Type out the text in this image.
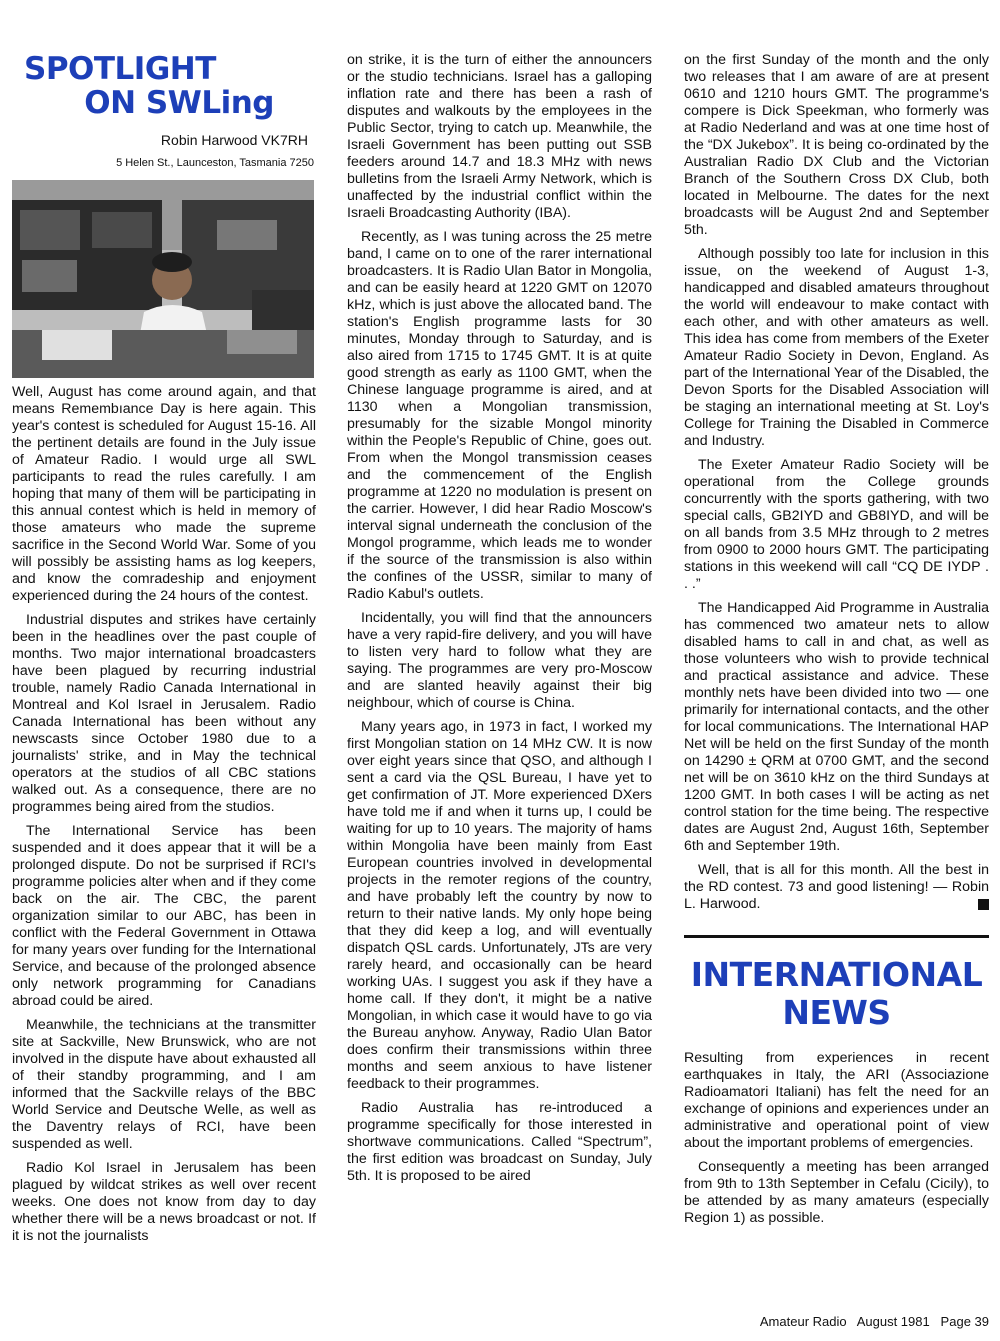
SPOTLIGHT
ON SWLing
Robin Harwood VK7RH
5 Helen St., Launceston, Tasmania 7250

Well, August has come around again, and that means Remembıance Day is here again. This year's contest is scheduled for August 15-16. All the pertinent details are found in the July issue of Amateur Radio. I would urge all SWL participants to read the rules carefully. I am hoping that many of them will be participating in this annual contest which is held in memory of those amateurs who made the supreme sacrifice in the Second World War. Some of you will possibly be assisting hams as log keepers, and know the comradeship and enjoyment experienced during the 24 hours of the contest.

Industrial disputes and strikes have certainly been in the headlines over the past couple of months. Two major international broadcasters have been plagued by recurring industrial trouble, namely Radio Canada International in Montreal and Kol Israel in Jerusalem. Radio Canada International has been without any newscasts since October 1980 due to a journalists' strike, and in May the technical operators at the studios of all CBC stations walked out. As a consequence, there are no programmes being aired from the studios.

The International Service has been suspended and it does appear that it will be a prolonged dispute. Do not be surprised if RCI's programme policies alter when and if they come back on the air. The CBC, the parent organization similar to our ABC, has been in conflict with the Federal Government in Ottawa for many years over funding for the International Service, and because of the prolonged absence only network programming for Canadians abroad could be aired.

Meanwhile, the technicians at the transmitter site at Sackville, New Brunswick, who are not involved in the dispute have about exhausted all of their standby programming, and I am informed that the Sackville relays of the BBC World Service and Deutsche Welle, as well as the Daventry relays of RCI, have been suspended as well.

Radio Kol Israel in Jerusalem has been plagued by wildcat strikes as well over recent weeks. One does not know from day to day whether there will be a news broadcast or not. If it is not the journalists

on strike, it is the turn of either the announcers or the studio technicians. Israel has a galloping inflation rate and there has been a rash of disputes and walkouts by the employees in the Public Sector, trying to catch up. Meanwhile, the Israeli Government has been putting out SSB feeders around 14.7 and 18.3 MHz with news bulletins from the Israeli Army Network, which is unaffected by the industrial conflict within the Israeli Broadcasting Authority (IBA).

Recently, as I was tuning across the 25 metre band, I came on to one of the rarer international broadcasters. It is Radio Ulan Bator in Mongolia, and can be easily heard at 1220 GMT on 12070 kHz, which is just above the allocated band. The station's English programme lasts for 30 minutes, Monday through to Saturday, and is also aired from 1715 to 1745 GMT. It is at quite good strength as early as 1100 GMT, when the Chinese language programme is aired, and at 1130 when a Mongolian transmission, presumably for the sizable Mongol minority within the People's Republic of Chine, goes out. From when the Mongol transmission ceases and the commencement of the English programme at 1220 no modulation is present on the carrier. However, I did hear Radio Moscow's interval signal underneath the conclusion of the Mongol programme, which leads me to wonder if the source of the transmission is also within the confines of the USSR, similar to many of Radio Kabul's outlets.

Incidentally, you will find that the announcers have a very rapid-fire delivery, and you will have to listen very hard to follow what they are saying. The programmes are very pro-Moscow and are slanted heavily against their big neighbour, which of course is China.

Many years ago, in 1973 in fact, I worked my first Mongolian station on 14 MHz CW. It is now over eight years since that QSO, and although I sent a card via the QSL Bureau, I have yet to get confirmation of JT. More experienced DXers have told me if and when it turns up, I could be waiting for up to 10 years. The majority of hams within Mongolia have been mainly from East European countries involved in developmental projects in the remoter regions of the country, and have probably left the country by now to return to their native lands. My only hope being that they did keep a log, and will eventually dispatch QSL cards. Unfortunately, JTs are very rarely heard, and occasionally can be heard working UAs. I suggest you ask if they have a home call. If they don't, it might be a native Mongolian, in which case it would have to go via the Bureau anyhow. Anyway, Radio Ulan Bator does confirm their transmissions within three months and seem anxious to have listener feedback to their programmes.

Radio Australia has re-introduced a programme specifically for those interested in shortwave communications. Called “Spectrum”, the first edition was broadcast on Sunday, July 5th. It is proposed to be aired

on the first Sunday of the month and the only two releases that I am aware of are at present 0610 and 1210 hours GMT. The programme's compere is Dick Speekman, who formerly was at Radio Nederland and was at one time host of the “DX Jukebox”. It is being co-ordinated by the Australian Radio DX Club and the Victorian Branch of the Southern Cross DX Club, both located in Melbourne. The dates for the next broadcasts will be August 2nd and September 5th.

Although possibly too late for inclusion in this issue, on the weekend of August 1-3, handicapped and disabled amateurs throughout the world will endeavour to make contact with each other, and with other amateurs as well. This idea has come from members of the Exeter Amateur Radio Society in Devon, England. As part of the International Year of the Disabled, the Devon Sports for the Disabled Association will be staging an international meeting at St. Loy's College for Training the Disabled in Commerce and Industry.

The Exeter Amateur Radio Society will be operational from the College grounds concurrently with the sports gathering, with two special calls, GB2IYD and GB8IYD, and will be on all bands from 3.5 MHz through to 2 metres from 0900 to 2000 hours GMT. The participating stations in this weekend will call “CQ DE IYDP . . .”

The Handicapped Aid Programme in Australia has commenced two amateur nets to allow disabled hams to call in and chat, as well as those volunteers who wish to provide technical and practical assistance and advice. These monthly nets have been divided into two — one primarily for international contacts, and the other for local communications. The International HAP Net will be held on the first Sunday of the month on 14290 ± QRM at 0700 GMT, and the second net will be on 3610 kHz on the third Sundays at 1200 GMT. In both cases I will be acting as net control station for the time being. The respective dates are August 2nd, August 16th, September 6th and September 19th.

Well, that is all for this month. All the best in the RD contest. 73 and good listening! — Robin L. Harwood.

INTERNATIONAL
NEWS

Resulting from experiences in recent earthquakes in Italy, the ARI (Associazione Radioamatori Italiani) has felt the need for an exchange of opinions and experiences under an administrative and operational point of view about the important problems of emergencies.

Consequently a meeting has been arranged from 9th to 13th September in Cefalu (Cicily), to be attended by as many amateurs (especially Region 1) as possible.

Amateur Radio   August 1981   Page 39
